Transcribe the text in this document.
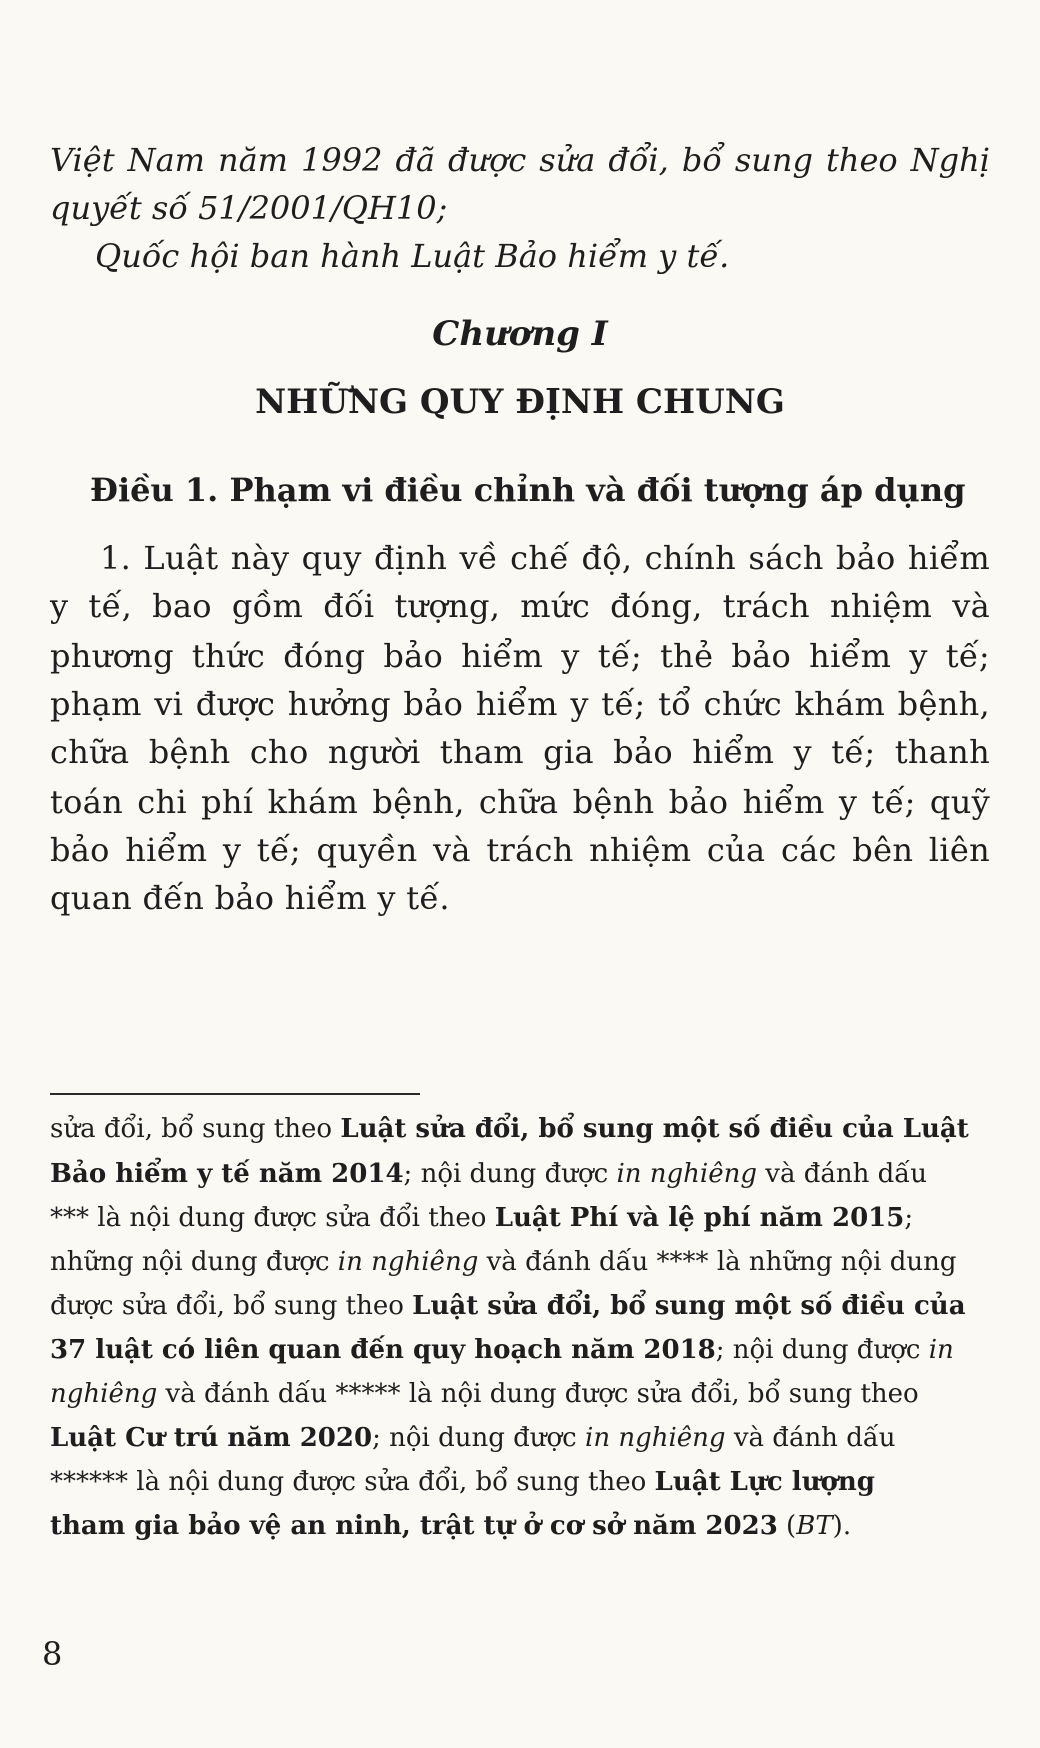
Việt Nam năm 1992 đã được sửa đổi, bổ sung theo Nghị
quyết số 51/2001/QH10;
Quốc hội ban hành Luật Bảo hiểm y tế.
Chương I
NHỮNG QUY ĐỊNH CHUNG
Điều 1. Phạm vi điều chỉnh và đối tượng áp dụng
1. Luật này quy định về chế độ, chính sách bảo hiểm
y tế, bao gồm đối tượng, mức đóng, trách nhiệm và
phương thức đóng bảo hiểm y tế; thẻ bảo hiểm y tế;
phạm vi được hưởng bảo hiểm y tế; tổ chức khám bệnh,
chữa bệnh cho người tham gia bảo hiểm y tế; thanh
toán chi phí khám bệnh, chữa bệnh bảo hiểm y tế; quỹ
bảo hiểm y tế; quyền và trách nhiệm của các bên liên
quan đến bảo hiểm y tế.
sửa đổi, bổ sung theo Luật sửa đổi, bổ sung một số điều của Luật
Bảo hiểm y tế năm 2014; nội dung được in nghiêng và đánh dấu
*** là nội dung được sửa đổi theo Luật Phí và lệ phí năm 2015;
những nội dung được in nghiêng và đánh dấu **** là những nội dung
được sửa đổi, bổ sung theo Luật sửa đổi, bổ sung một số điều của
37 luật có liên quan đến quy hoạch năm 2018; nội dung được in
nghiêng và đánh dấu ***** là nội dung được sửa đổi, bổ sung theo
Luật Cư trú năm 2020; nội dung được in nghiêng và đánh dấu
****** là nội dung được sửa đổi, bổ sung theo Luật Lực lượng
tham gia bảo vệ an ninh, trật tự ở cơ sở năm 2023 (BT).
8
